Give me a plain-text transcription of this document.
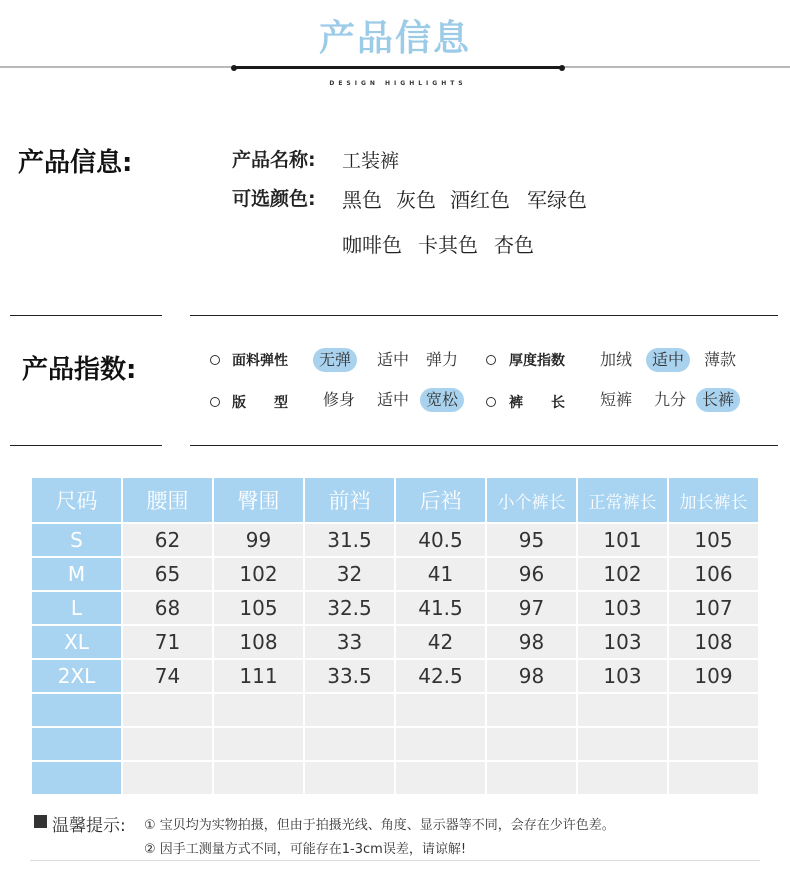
产品信息
DESIGN HIGHLIGHTS
产品信息:	产品名称: 工装裤
可选颜色: 黑色 灰色 酒红色 军绿色
咖啡色 卡其色 杏色
产品指数:	面料弹性	无弹	适中	弹力	厚度指数	加绒	适中	薄款
版　　型	修身	适中	宽松	裤　　长	短裤	九分 长裤
尺码	腰围	臀围	前裆	后裆	小个裤长	正常裤长	加长裤长
S	62	99	31.5	40.5	95	101	105
M	65	102	32	41	96	102	106
L	68	105	32.5	41.5	97	103	107
XL	71	108	33	42	98	103	108
2XL	74	111	33.5	42.5	98	103	109

温馨提示: ① 宝贝均为实物拍摄，但由于拍摄光线、角度、显示器等不同，会存在少许色差。
② 因手工测量方式不同，可能存在1-3cm误差，请谅解!
